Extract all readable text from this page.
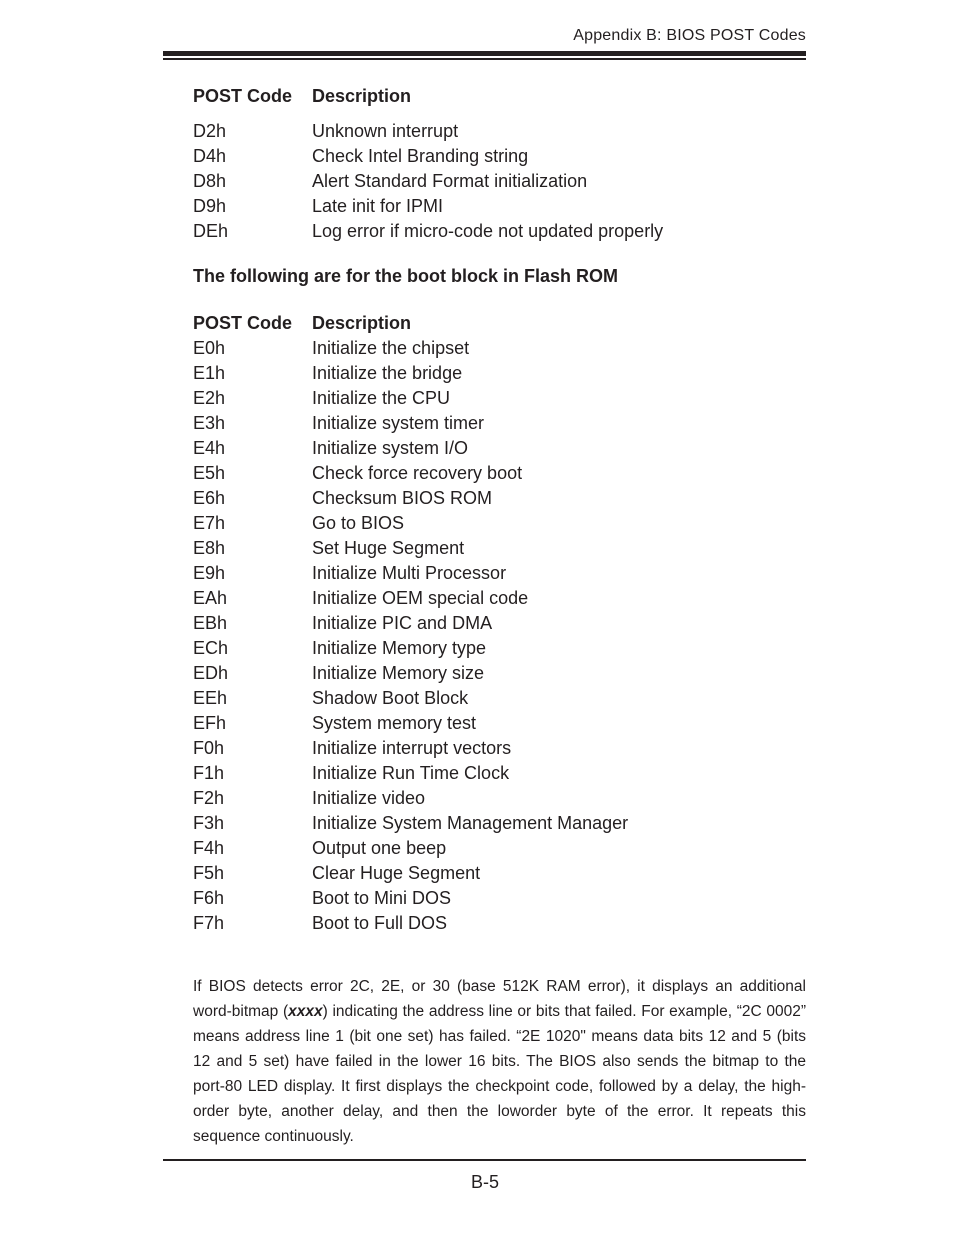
Appendix B: BIOS POST Codes
POST Code	Description
D2h	Unknown interrupt
D4h	Check Intel Branding string
D8h	Alert Standard Format initialization
D9h	Late init for IPMI
DEh	Log error if micro-code not updated properly
The following are for the boot block in Flash ROM
POST Code	Description
E0h	Initialize the chipset
E1h	Initialize the bridge
E2h	Initialize the CPU
E3h	Initialize system timer
E4h	Initialize system I/O
E5h	Check force recovery boot
E6h	Checksum BIOS ROM
E7h	Go to BIOS
E8h	Set Huge Segment
E9h	Initialize Multi Processor
EAh	Initialize OEM special code
EBh	Initialize PIC and DMA
ECh	Initialize Memory type
EDh	Initialize Memory size
EEh	Shadow Boot Block
EFh	System memory test
F0h	Initialize interrupt vectors
F1h	Initialize Run Time Clock
F2h	Initialize video
F3h	Initialize System Management Manager
F4h	Output one beep
F5h	Clear Huge Segment
F6h	Boot to Mini DOS
F7h	Boot to Full DOS
If BIOS detects error 2C, 2E, or 30 (base 512K RAM error), it displays an additional word-bitmap (xxxx) indicating the address line or bits that failed. For example, “2C 0002” means address line 1 (bit one set) has failed. “2E 1020" means data bits 12 and 5 (bits 12 and 5 set) have failed in the lower 16 bits. The BIOS also sends the bitmap to the port-80 LED display. It first displays the checkpoint code, followed by a delay, the high-order byte, another delay, and then the loworder byte of the error. It repeats this sequence continuously.
B-5
